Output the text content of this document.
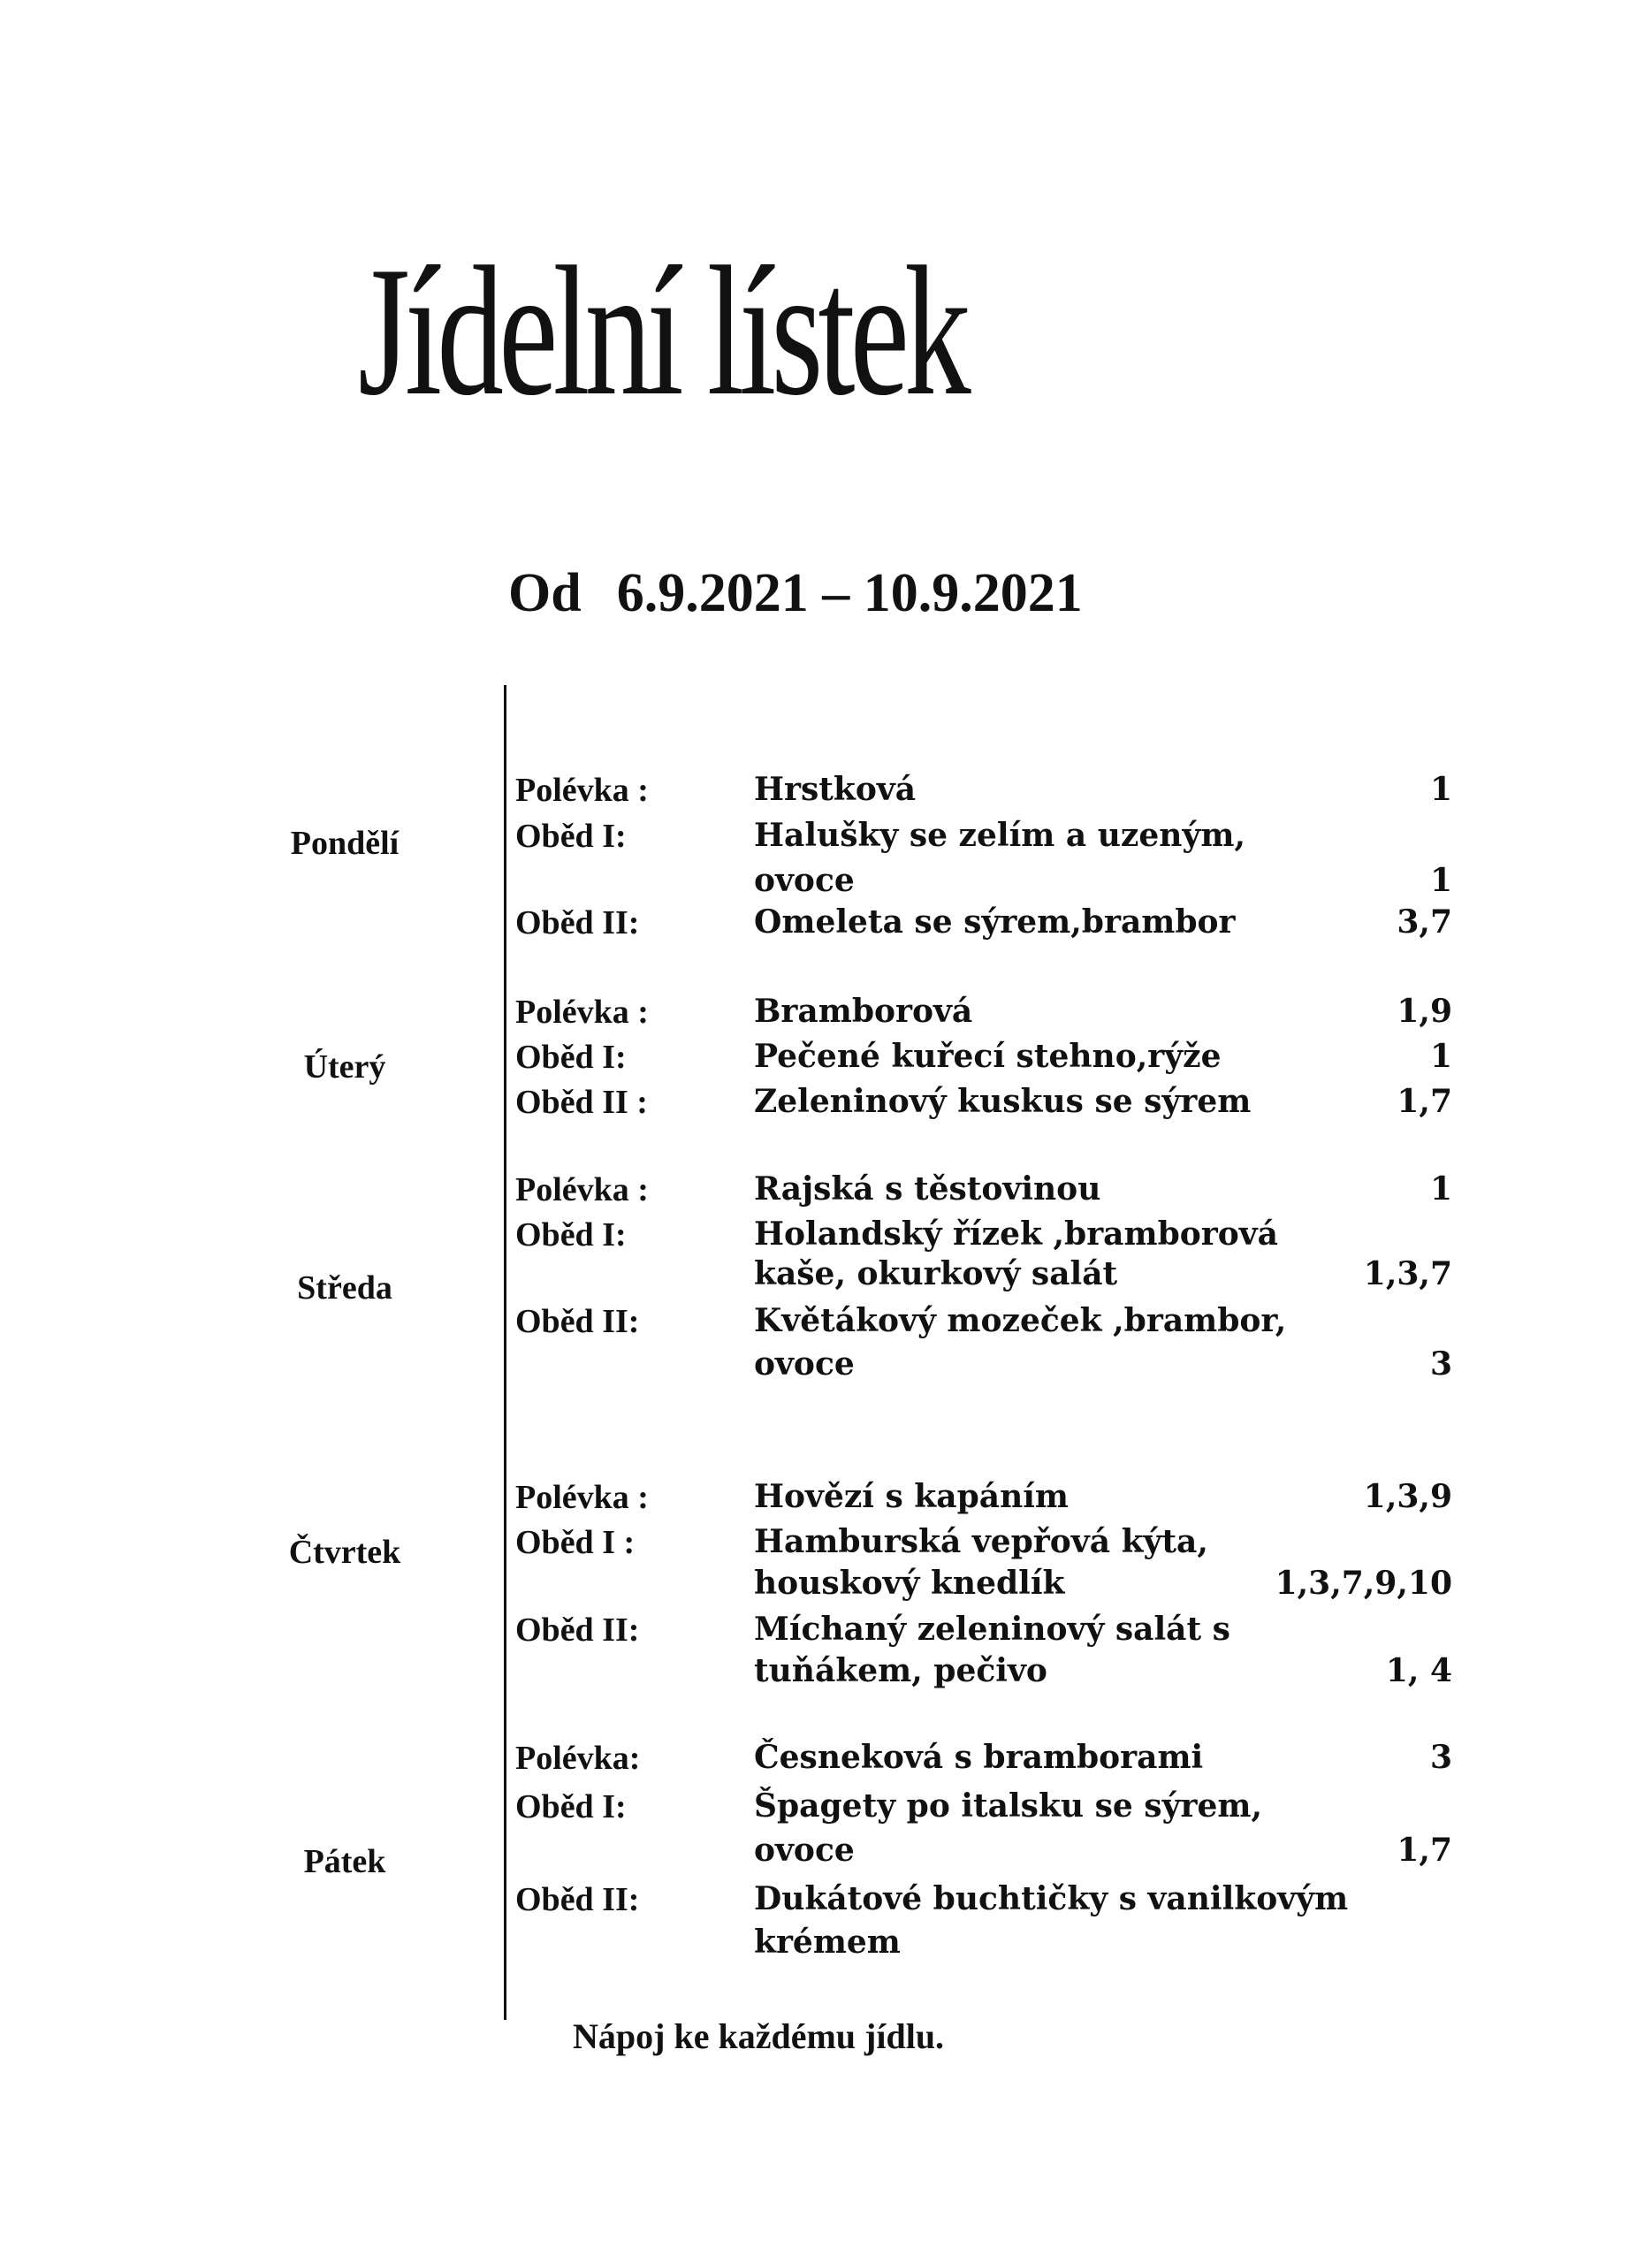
Jídelní lístek
Od 6.9.2021 – 10.9.2021
Pondělí
Polévka :	Hrstková	1
Oběd I:	Halušky se zelím a uzeným,
ovoce	1
Oběd II:	Omeleta se sýrem,brambor	3,7
Úterý
Polévka :	Bramborová	1,9
Oběd I:	Pečené kuřecí stehno,rýže	1
Oběd II :	Zeleninový kuskus se sýrem	1,7
Středa
Polévka :	Rajská s těstovinou	1
Oběd I:	Holandský řízek ,bramborová
kaše, okurkový salát	1,3,7
Oběd II:	Květákový mozeček ,brambor,
ovoce	3
Čtvrtek
Polévka :	Hovězí s kapáním	1,3,9
Oběd I :	Hamburská vepřová kýta,
houskový knedlík	1,3,7,9,10
Oběd II:	Míchaný zeleninový salát s
tuňákem, pečivo	1, 4
Pátek
Polévka:	Česneková s bramborami	3
Oběd I:	Špagety po italsku se sýrem,
ovoce	1,7
Oběd II:	Dukátové buchtičky s vanilkovým
krémem
Nápoj ke každému jídlu.
